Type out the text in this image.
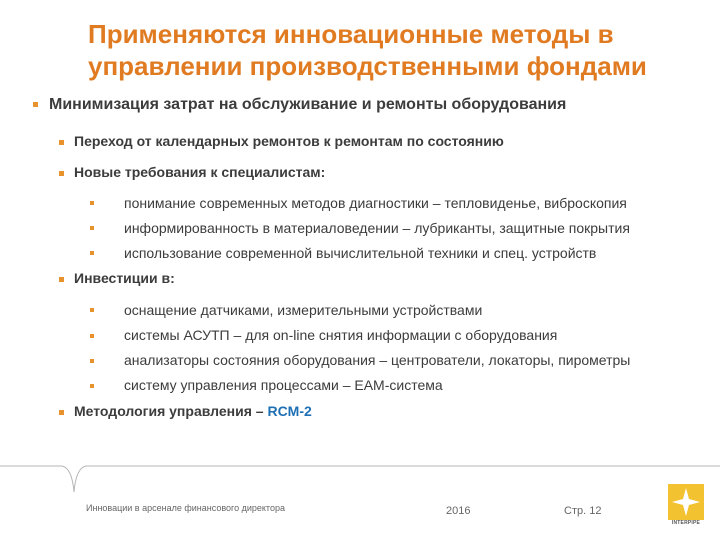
Применяются инновационные методы в
управлении производственными фондами
Минимизация затрат на обслуживание и ремонты оборудования
Переход от календарных ремонтов к ремонтам по состоянию
Новые требования к специалистам:
понимание современных методов диагностики – тепловиденье, виброскопия
информированность в материаловедении – лубриканты, защитные покрытия
использование современной вычислительной техники и спец. устройств
Инвестиции в:
оснащение датчиками, измерительными устройствами
системы АСУТП – для on-line снятия информации с оборудования
анализаторы состояния оборудования – центрователи, локаторы, пирометры
систему управления процессами – EAM-система
Методология управления – RCM-2
Инновации в арсенале финансового директора	2016	Стр. 12
INTERPIPE
